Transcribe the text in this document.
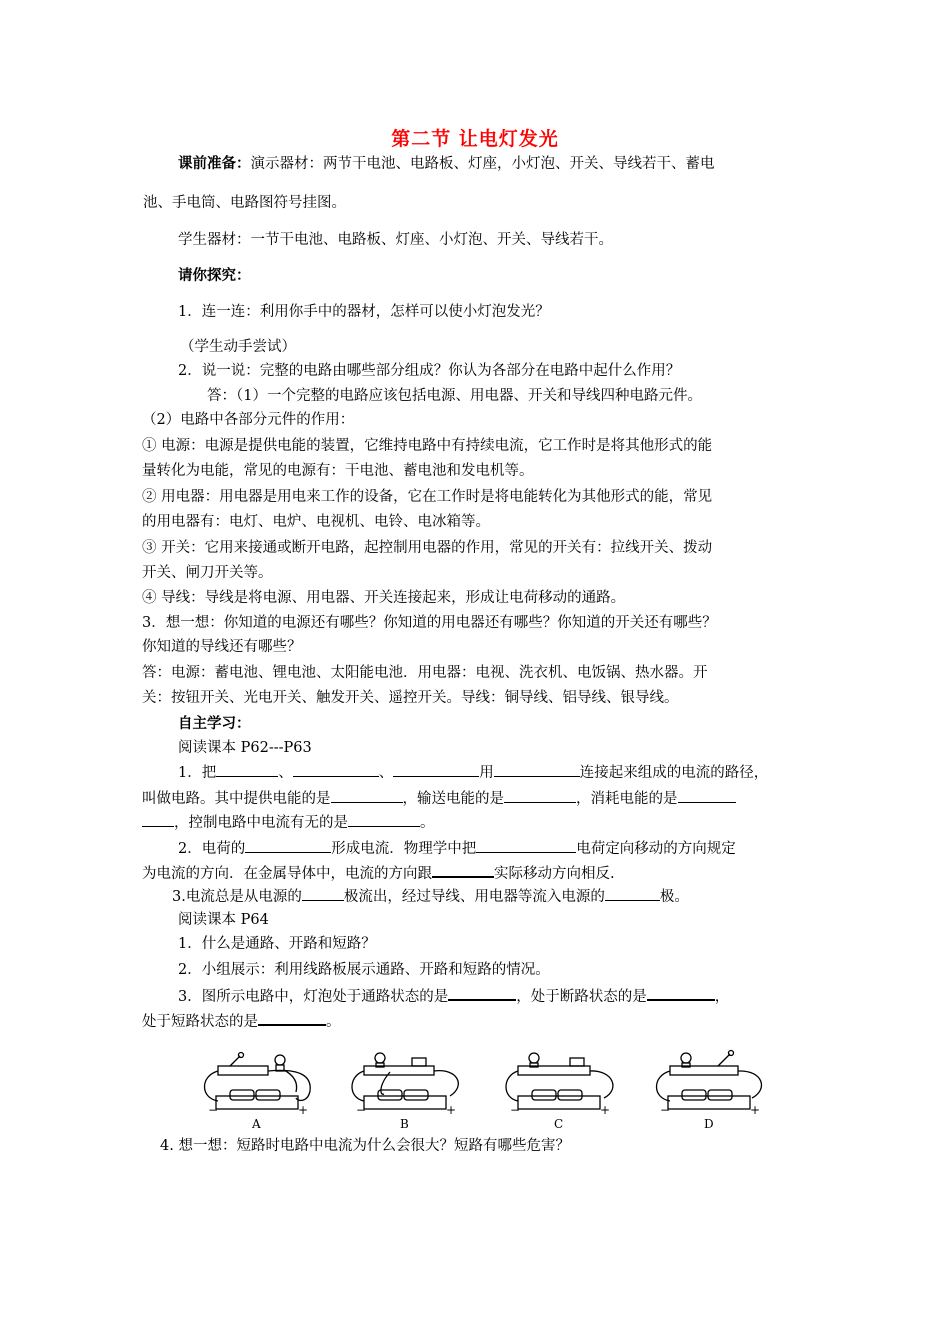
第二节 让电灯发光
课前准备：演示器材：两节干电池、电路板、灯座，小灯泡、开关、导线若干、蓄电
池、手电筒、电路图符号挂图。
学生器材：一节干电池、电路板、灯座、小灯泡、开关、导线若干。
请你探究：
1．连一连：利用你手中的器材，怎样可以使小灯泡发光？
（学生动手尝试）
2．说一说：完整的电路由哪些部分组成？你认为各部分在电路中起什么作用？
答：（1）一个完整的电路应该包括电源、用电器、开关和导线四种电路元件。
（2）电路中各部分元件的作用：
① 电源：电源是提供电能的装置，它维持电路中有持续电流，它工作时是将其他形式的能
量转化为电能，常见的电源有：干电池、蓄电池和发电机等。
② 用电器：用电器是用电来工作的设备，它在工作时是将电能转化为其他形式的能，常见
的用电器有：电灯、电炉、电视机、电铃、电冰箱等。
③ 开关：它用来接通或断开电路，起控制用电器的作用，常见的开关有：拉线开关、拨动
开关、闸刀开关等。
④ 导线：导线是将电源、用电器、开关连接起来，形成让电荷移动的通路。
3．想一想：你知道的电源还有哪些？你知道的用电器还有哪些？你知道的开关还有哪些？
你知道的导线还有哪些？
答：电源：蓄电池、锂电池、太阳能电池．用电器：电视、洗衣机、电饭锅、热水器。开
关：按钮开关、光电开关、触发开关、遥控开关。导线：铜导线、铝导线、银导线。
自主学习：
阅读课本 P62---P63
1．把	、	、	用	连接起来组成的电流的路径，
叫做电路。其中提供电能的是	，输送电能的是	，消耗电能的是
，控制电路中电流有无的是	。
2．电荷的	形成电流．物理学中把	电荷定向移动的方向规定
为电流的方向．在金属导体中，电流的方向跟	实际移动方向相反.
3.电流总是从电源的	极流出，经过导线、用电器等流入电源的	极。
阅读课本 P64
1．什么是通路、开路和短路？
2．小组展示：利用线路板展示通路、开路和短路的情况。
3．图所示电路中，灯泡处于通路状态的是	，处于断路状态的是	，
处于短路状态的是	。
−	+
A
−	+
B
−	+
C
−	+
D
4. 想一想：短路时电路中电流为什么会很大？短路有哪些危害？
